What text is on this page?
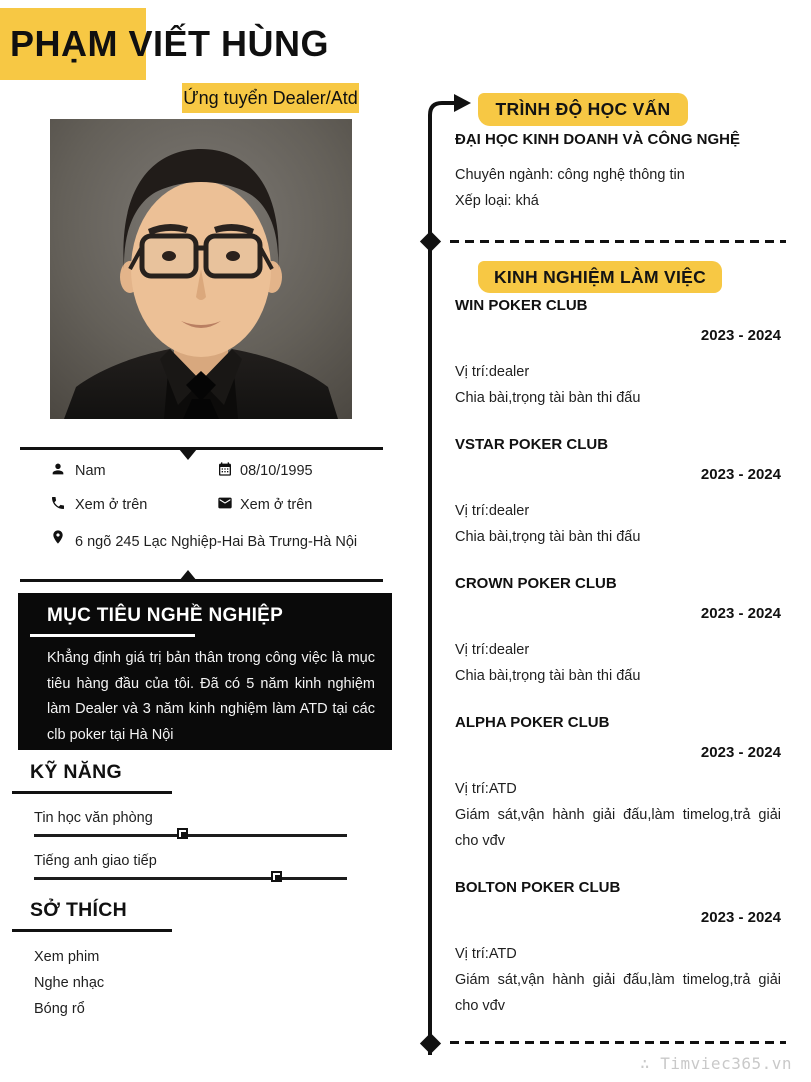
PHẠM VIẾT HÙNG
Ứng tuyển Dealer/Atd
Nam	08/10/1995
Xem ở trên	Xem ở trên
6 ngõ 245 Lạc Nghiệp-Hai Bà Trưng-Hà Nội
MỤC TIÊU NGHỀ NGHIỆP
Khẳng định giá trị bản thân trong công việc là mục tiêu hàng đầu của tôi. Đã có 5 năm kinh nghiệm làm Dealer và 3 năm kinh nghiệm làm ATD tại các clb poker tại Hà Nội
KỸ NĂNG
Tin học văn phòng
Tiếng anh giao tiếp
SỞ THÍCH
Xem phim
Nghe nhạc
Bóng rổ
TRÌNH ĐỘ HỌC VẤN
ĐẠI HỌC KINH DOANH VÀ CÔNG NGHỆ
Chuyên ngành: công nghệ thông tin
Xếp loại: khá
KINH NGHIỆM LÀM VIỆC
WIN POKER CLUB
2023 - 2024
Vị trí:dealer
Chia bài,trọng tài bàn thi đấu
VSTAR POKER CLUB
2023 - 2024
Vị trí:dealer
Chia bài,trọng tài bàn thi đấu
CROWN POKER CLUB
2023 - 2024
Vị trí:dealer
Chia bài,trọng tài bàn thi đấu
ALPHA POKER CLUB
2023 - 2024
Vị trí:ATD
Giám sát,vận hành giải đấu,làm timelog,trả giải cho vđv
BOLTON POKER CLUB
2023 - 2024
Vị trí:ATD
Giám sát,vận hành giải đấu,làm timelog,trả giải cho vđv
∴ Timviec365.vn
